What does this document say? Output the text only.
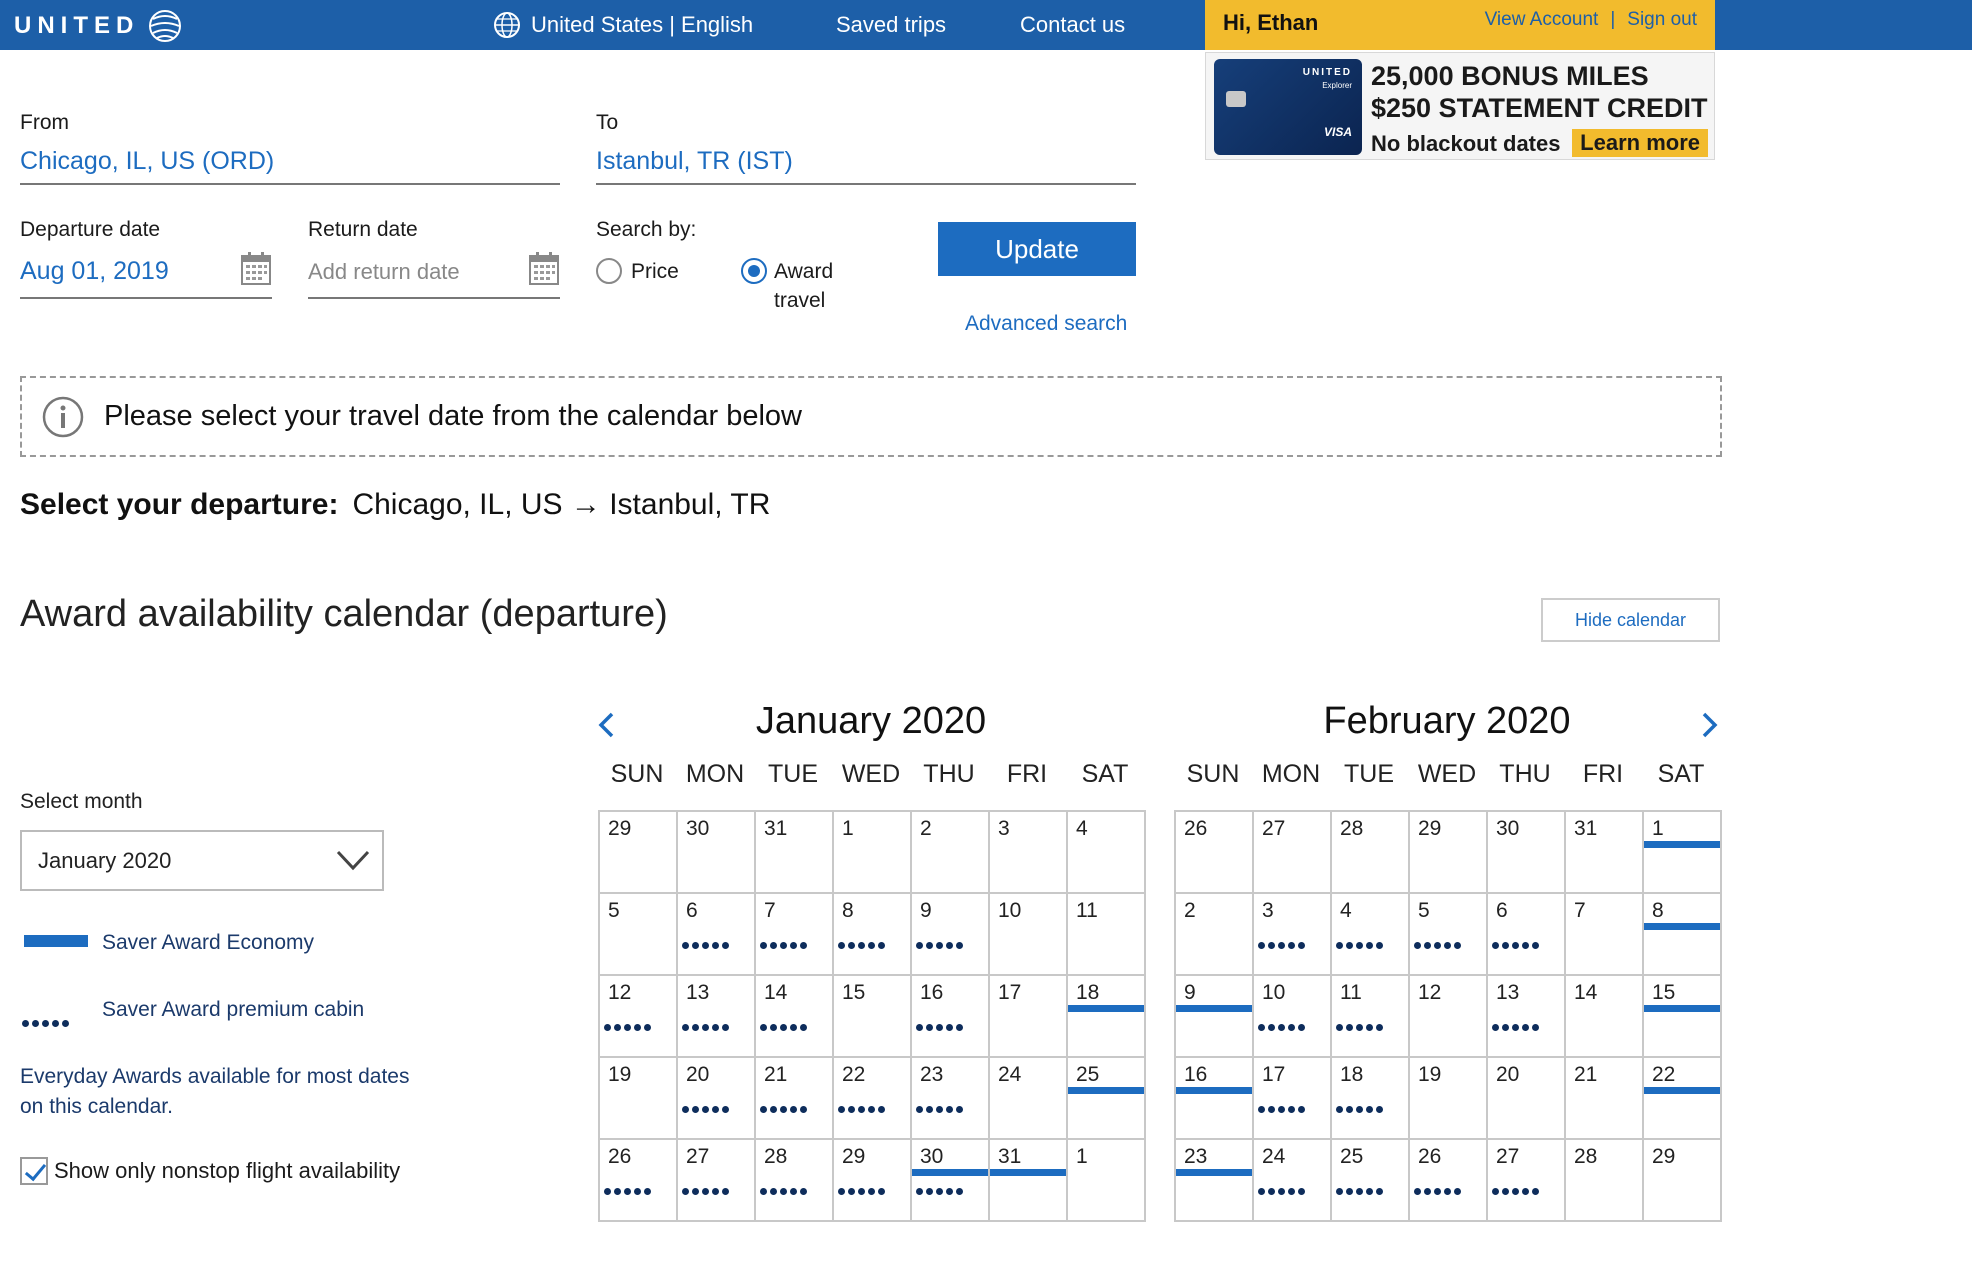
UNITED	United States | English	Saved trips	Contact us	Hi, Ethan	View Account | Sign out
UNITED
Explorer
VISA
25,000 BONUS MILES
$250 STATEMENT CREDIT
No blackout dates Learn more
From
Chicago, IL, US (ORD)
To
Istanbul, TR (IST)
Departure date
Aug 01, 2019
Return date
Add return date
Search by:
Price	Award
travel
Update
Advanced search
Please select your travel date from the calendar below
Select your departure: Chicago, IL, US → Istanbul, TR
Award availability calendar (departure)	Hide calendar
Select month
January 2020
Saver Award Economy
Saver Award premium cabin
Everyday Awards available for most dates on this calendar.
Show only nonstop flight availability
January 2020	February 2020
SUN MON TUE WED THU	FRI	SAT
29	30	31	1	2	3	4
5	6	7	8	9	10	11
12	13	14	15	16	17	18
19	20	21	22	23	24	25
26	27	28	29	30	31	1
SUN MON TUE WED THU	FRI	SAT
26	27	28	29	30	31	1
2	3	4	5	6	7	8
9	10	11	12	13	14	15
16	17	18	19	20	21	22
23	24	25	26	27	28	29
